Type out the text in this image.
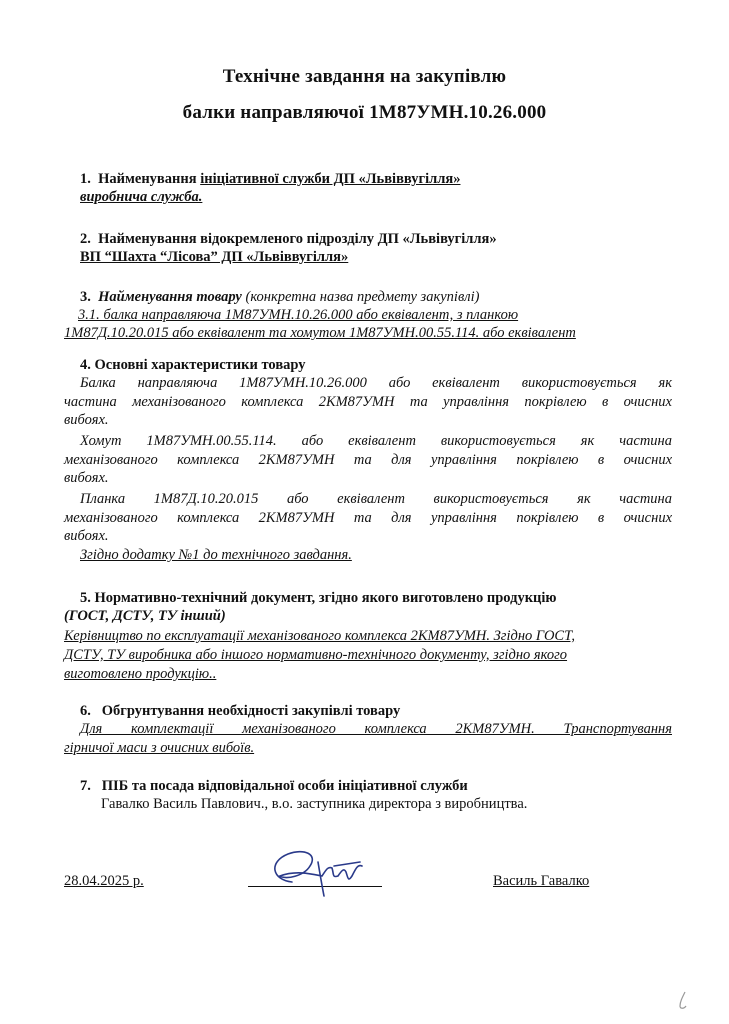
Технічне завдання на закупівлю
балки направляючої 1М87УМН.10.26.000
1. Найменування ініціативної служби ДП «Львіввугілля»
виробнича служба.
2. Найменування відокремленого підрозділу ДП «Львівугілля»
ВП “Шахта “Лісова” ДП «Львіввугілля»
3. Найменування товару (конкретна назва предмету закупівлі)
3.1. балка направляюча 1М87УМН.10.26.000 або еквівалент, з планкою
1М87Д.10.20.015 або еквівалент та хомутом 1М87УМН.00.55.114. або еквівалент
4. Основні характеристики товару
Балка направляюча 1М87УМН.10.26.000 або еквівалент використовується як
частина механізованого комплекса 2КМ87УМН та управління покрівлею в очисних
вибоях.
Хомут 1М87УМН.00.55.114. або еквівалент використовується як частина
механізованого комплекса 2КМ87УМН та для управління покрівлею в очисних
вибоях.
Планка 1М87Д.10.20.015 або еквівалент використовується як частина
механізованого комплекса 2КМ87УМН та для управління покрівлею в очисних
вибоях.
Згідно додатку №1 до технічного завдання.
5. Нормативно-технічний документ, згідно якого виготовлено продукцію
(ГОСТ, ДСТУ, ТУ інший)
Керівництво по експлуатації механізованого комплекса 2КМ87УМН. Згідно ГОСТ,
ДСТУ, ТУ виробника або іншого нормативно-технічного документу, згідно якого
виготовлено продукцію..
6. Обгрунтування необхідності закупівлі товару
Для комплектації механізованого комплекса 2КМ87УМН. Транспортування
гірничої маси з очисних вибоїв.
7. ПІБ та посада відповідальної особи ініціативної служби
Гавалко Василь Павлович., в.о. заступника директора з виробництва.
28.04.2025 р.	Василь Гавалко
